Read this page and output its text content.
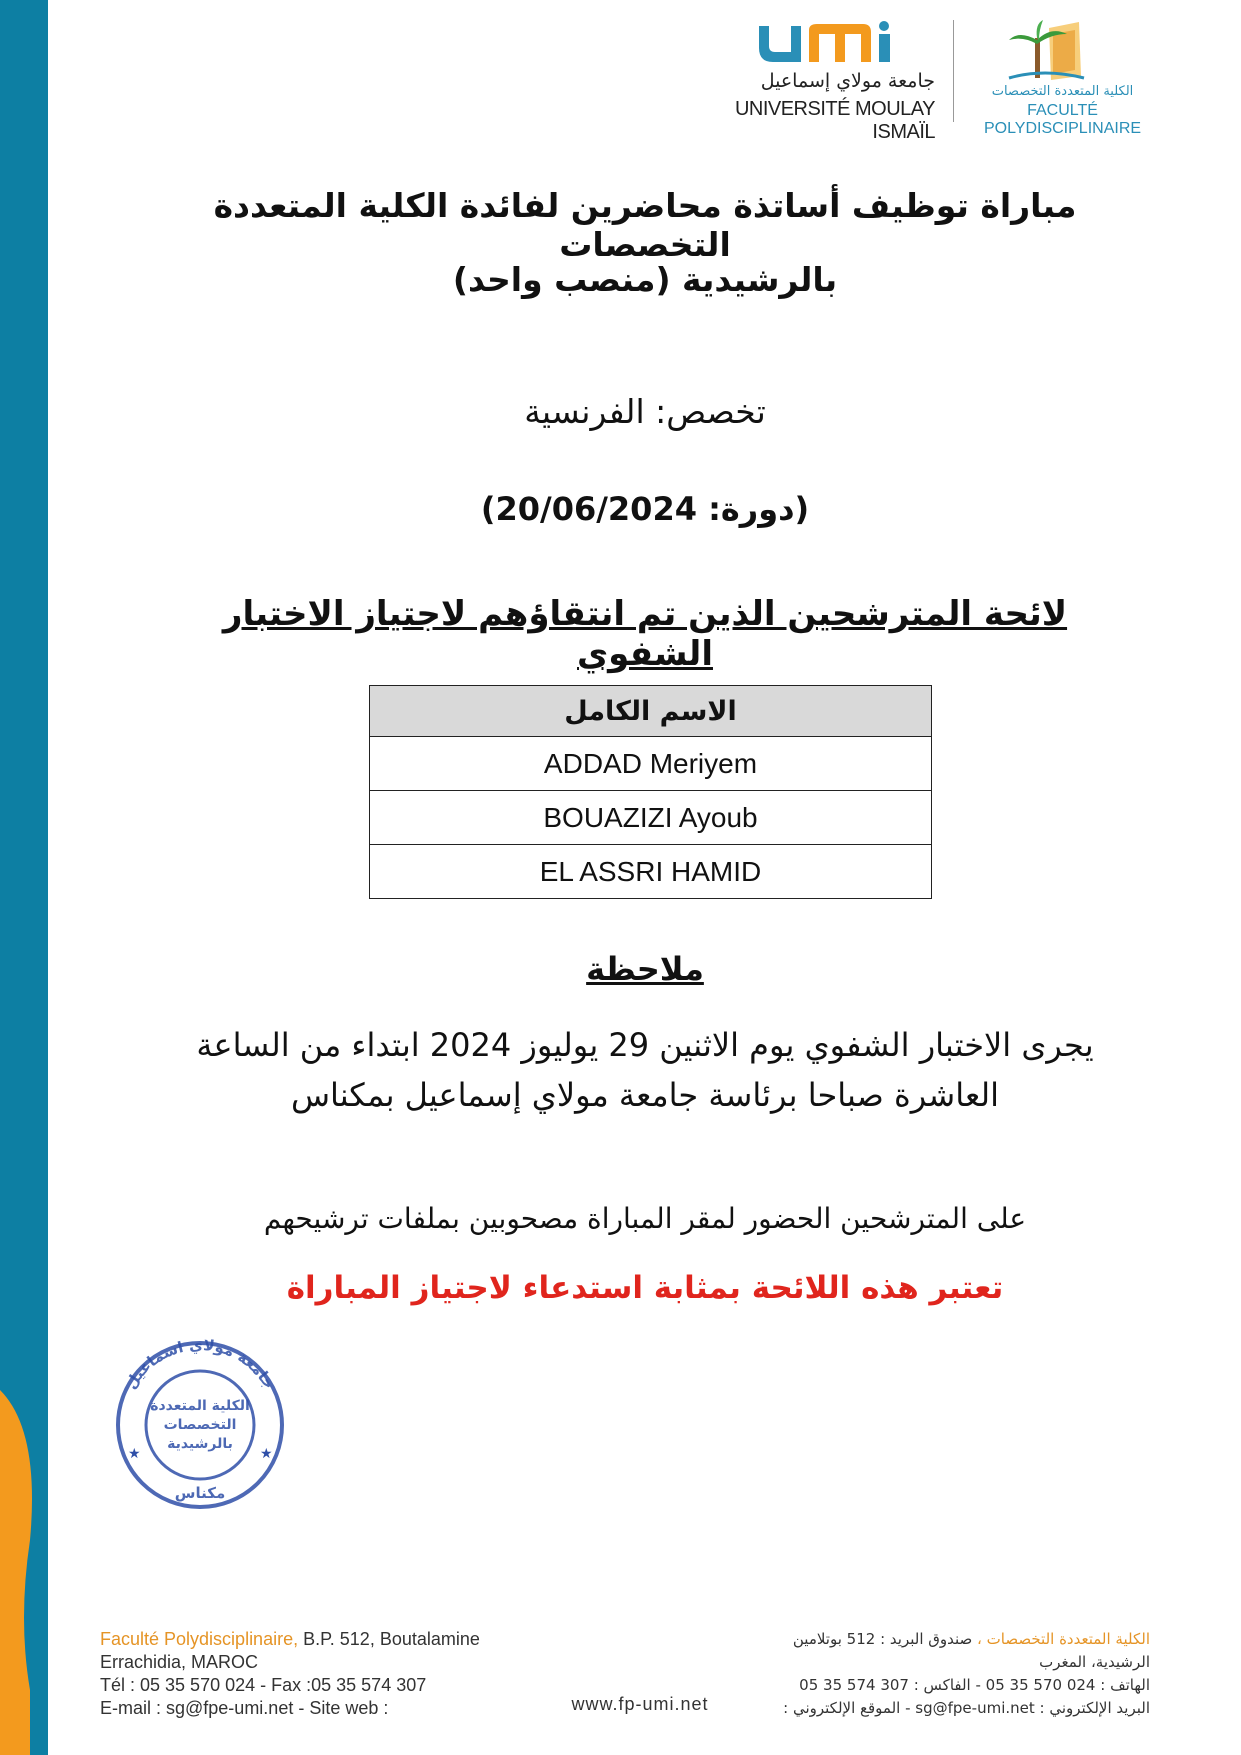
جامعة مولاي إسماعيل
UNIVERSITÉ MOULAY ISMAÏL
الكلية المتعددة التخصصات
FACULTÉ POLYDISCIPLINAIRE
مباراة توظيف أساتذة محاضرين لفائدة الكلية المتعددة التخصصات
بالرشيدية (منصب واحد)
تخصص: الفرنسية
(دورة: 20/06/2024)
لائحة المترشحين الذين تم انتقاؤهم لاجتياز الاختبار الشفوي
الاسم الكامل
ADDAD Meriyem
BOUAZIZI Ayoub
EL ASSRI HAMID
ملاحظة
يجرى الاختبار الشفوي يوم الاثنين 29 يوليوز 2024 ابتداء من الساعة
العاشرة صباحا برئاسة جامعة مولاي إسماعيل بمكناس
على المترشحين الحضور لمقر المباراة مصحوبين بملفات ترشيحهم
تعتبر هذه اللائحة بمثابة استدعاء لاجتياز المباراة
جامعة مولاي اسماعيل
الكلية المتعددة
التخصصات
بالرشيدية
مكناس
★	★
Faculté Polydisciplinaire, B.P. 512, Boutalamine
Errachidia, MAROC
Tél : 05 35 570 024 - Fax :05 35 574 307
E-mail : sg@fpe-umi.net - Site web :	www.fp-umi.net
الكلية المتعددة التخصصات ، صندوق البريد : 512 بوتلامين
الرشيدية، المغرب
الهاتف : 024 570 35 05 - الفاكس : 307 574 35 05
البريد الإلكتروني : sg@fpe-umi.net - الموقع الإلكتروني :
